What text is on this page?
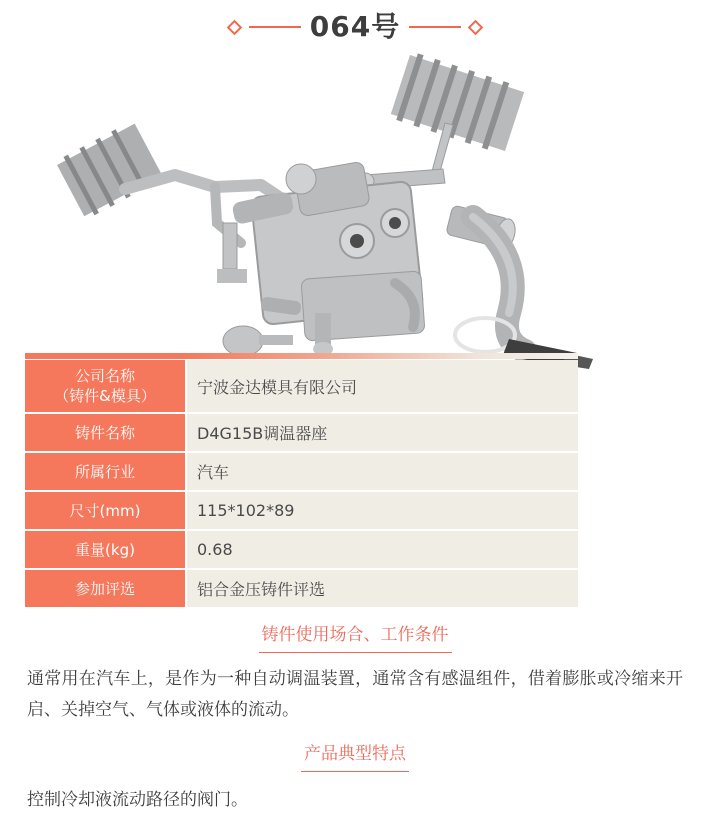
064号
公司名称
（铸件&模具）	宁波金达模具有限公司
铸件名称	D4G15B调温器座
所属行业	汽车
尺寸(mm)	115*102*89
重量(kg)	0.68
参加评选	铝合金压铸件评选
铸件使用场合、工作条件

通常用在汽车上，是作为一种自动调温装置，通常含有感温组件，借着膨胀或冷缩来开启、关掉空气、气体或液体的流动。

产品典型特点

控制冷却液流动路径的阀门。
